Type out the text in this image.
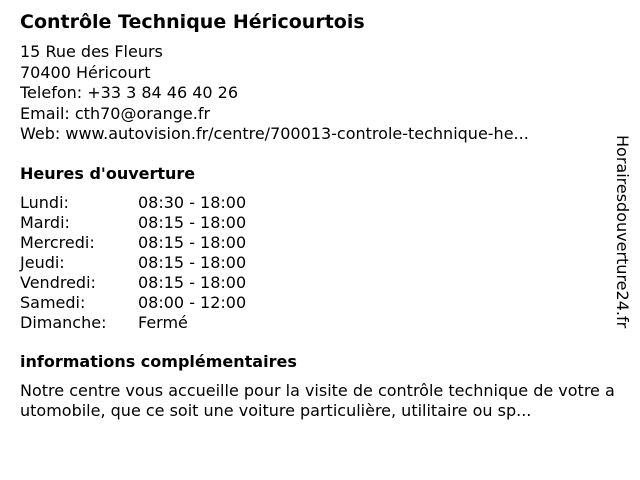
Contrôle Technique Héricourtois
15 Rue des Fleurs
70400 Héricourt
Telefon: +33 3 84 46 40 26
Email: cth70@orange.fr
Web: www.autovision.fr/centre/700013-controle-technique-he...
Heures d'ouverture
Lundi:	08:30 - 18:00
Mardi:	08:15 - 18:00
Mercredi:	08:15 - 18:00
Jeudi:	08:15 - 18:00
Vendredi:	08:15 - 18:00
Samedi:	08:00 - 12:00
Dimanche:	Fermé
informations complémentaires
Notre centre vous accueille pour la visite de contrôle technique de votre automobile, que ce soit une voiture particulière, utilitaire ou sp...
Horairesdouverture24.fr
